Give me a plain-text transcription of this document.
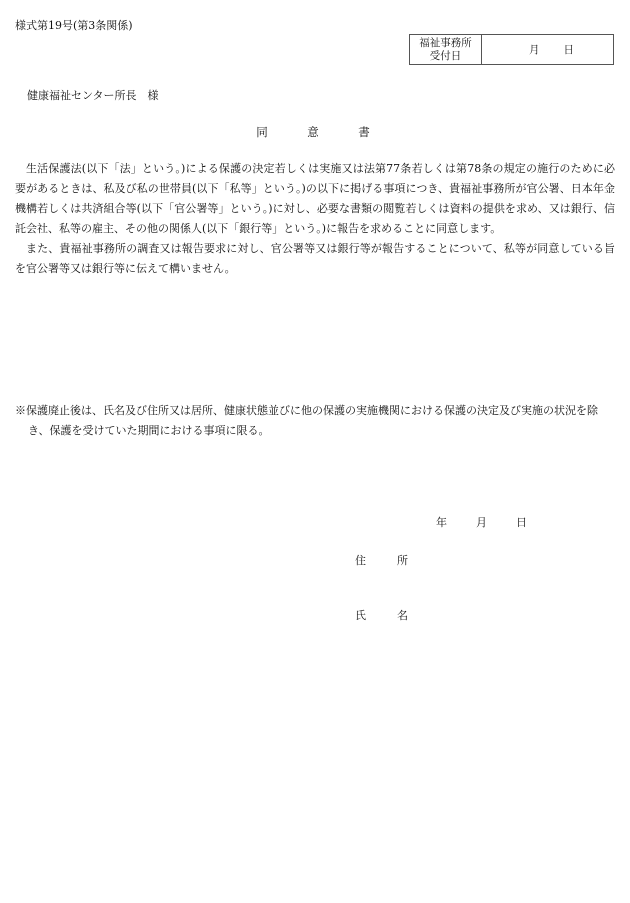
様式第19号(第3条関係)
福祉事務所
受付日	月 日
健康福祉センター所長　様
同　意　書

生活保護法(以下「法」という。)による保護の決定若しくは実施又は法第77条若しくは第78条の規定の施行のために必要があるときは、私及び私の世帯員(以下「私等」という。)の以下に掲げる事項につき、貴福祉事務所が官公署、日本年金機構若しくは共済組合等(以下「官公署等」という。)に対し、必要な書類の閲覧若しくは資料の提供を求め、又は銀行、信託会社、私等の雇主、その他の関係人(以下「銀行等」という。)に報告を求めることに同意します。

また、貴福祉事務所の調査又は報告要求に対し、官公署等又は銀行等が報告することについて、私等が同意している旨を官公署等又は銀行等に伝えて構いません。

※保護廃止後は、氏名及び住所又は居所、健康状態並びに他の保護の実施機関における保護の決定及び実施の状況を除き、保護を受けていた期間における事項に限る。
年	月	日
住　所
氏　名
